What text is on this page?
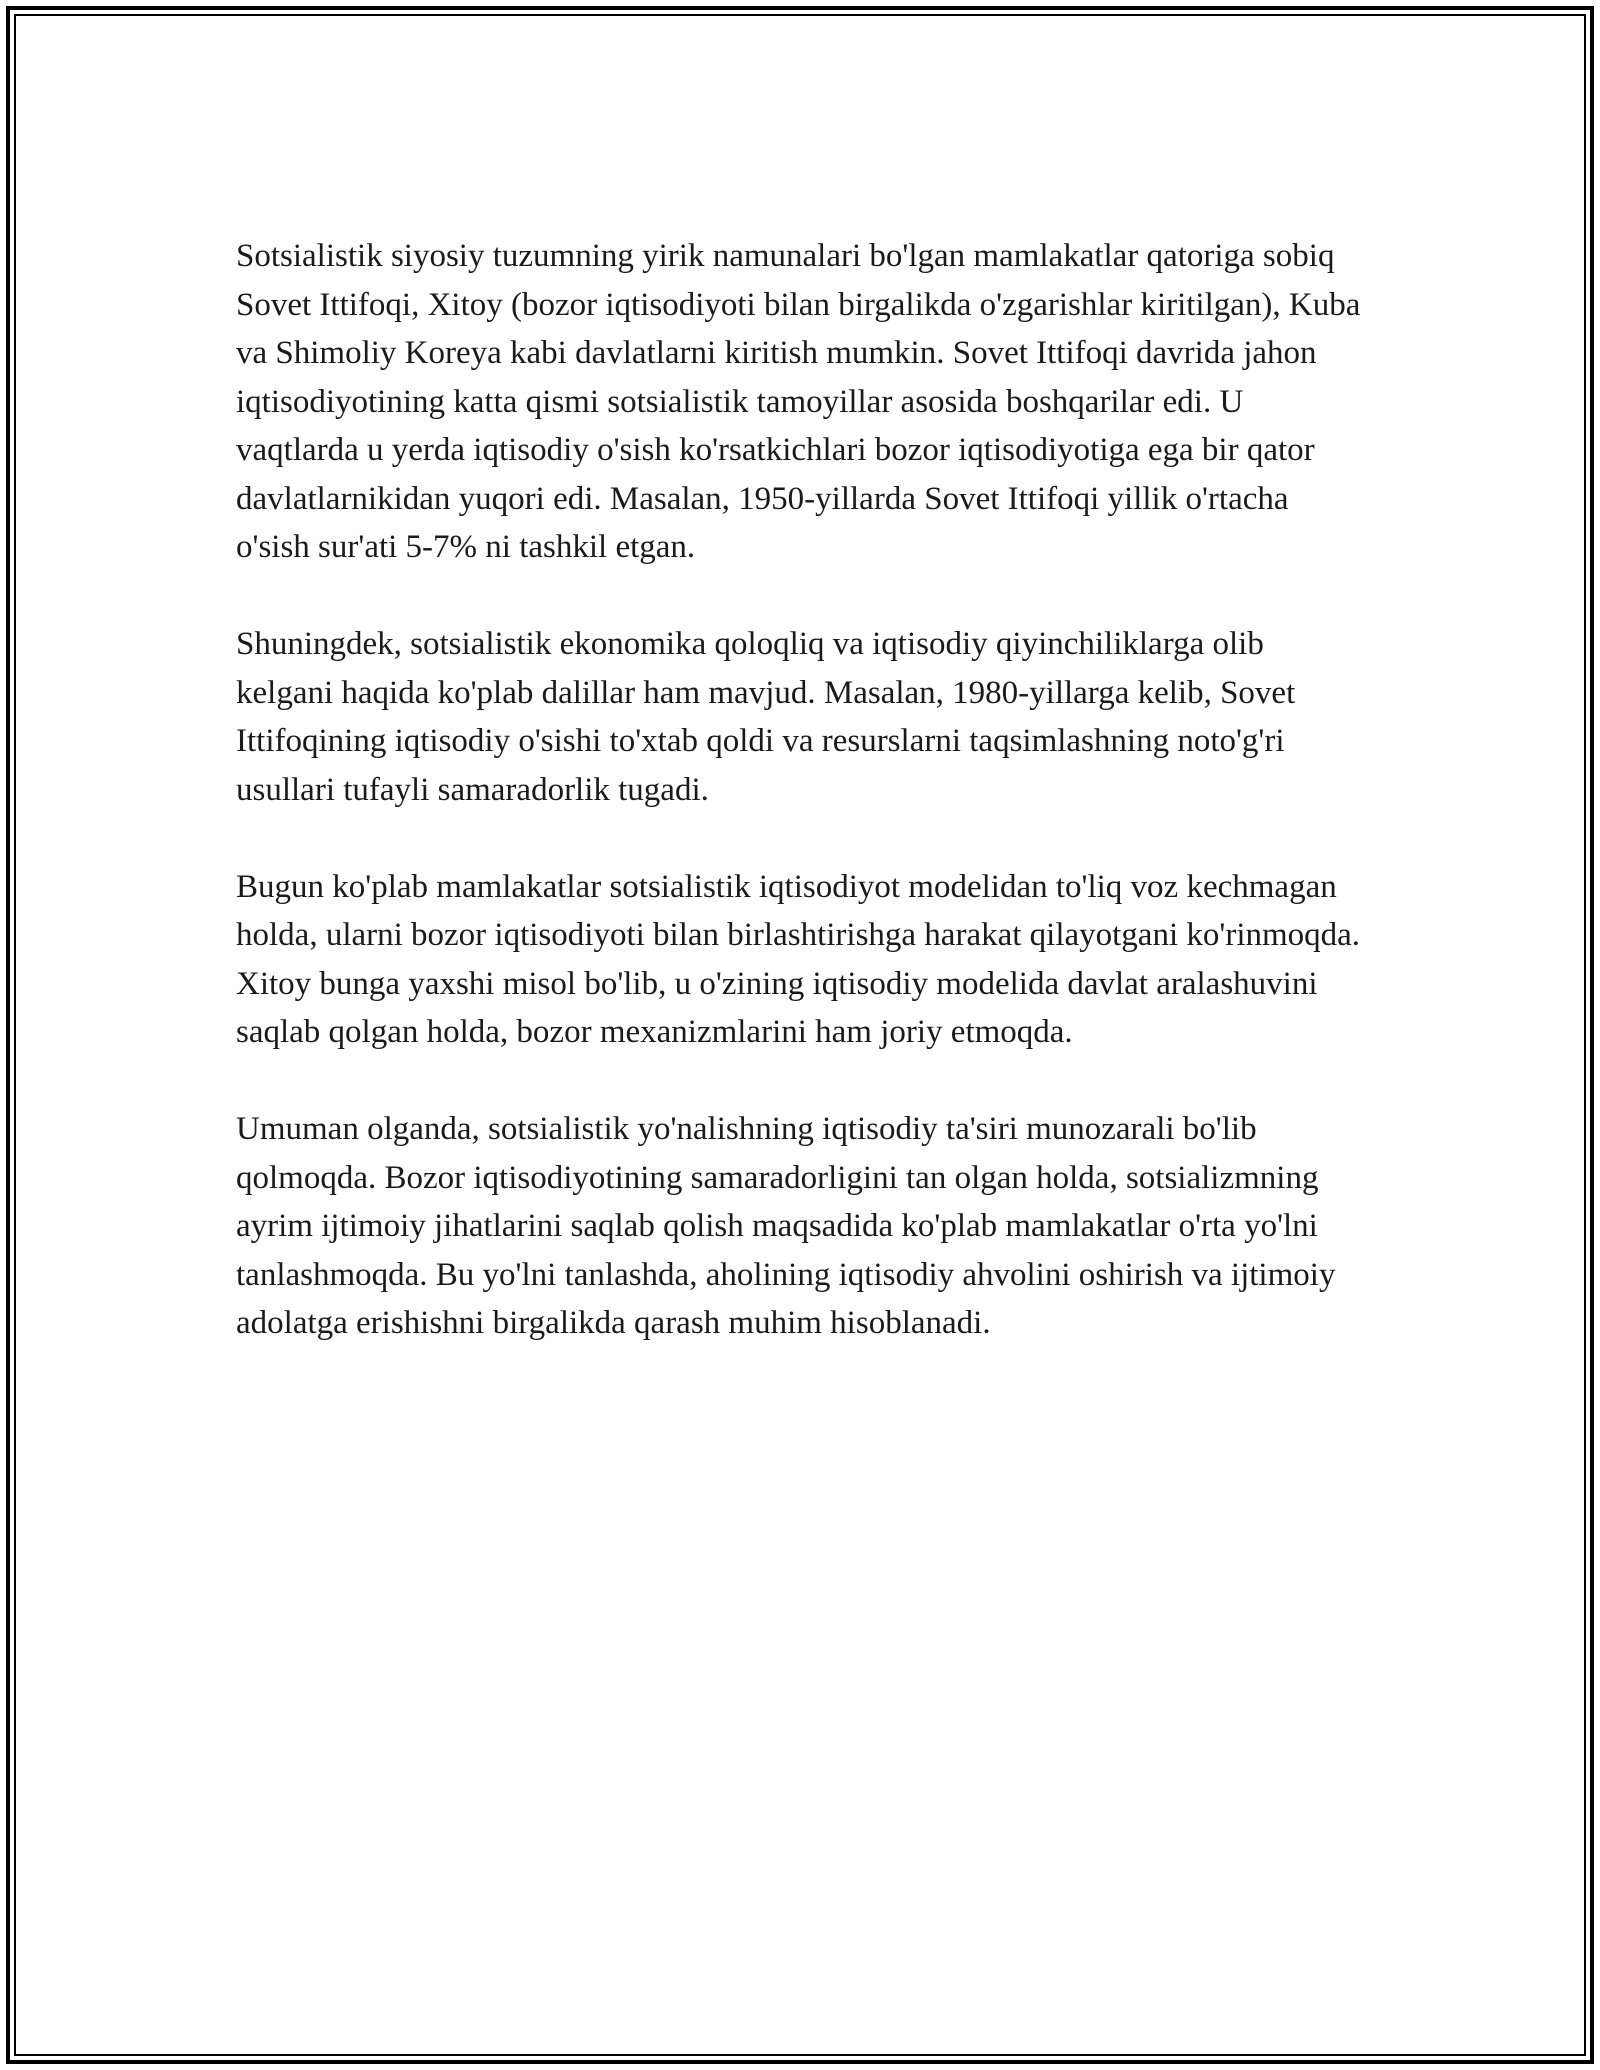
Sotsialistik siyosiy tuzumning yirik namunalari bo'lgan mamlakatlar qatoriga sobiq Sovet Ittifoqi, Xitoy (bozor iqtisodiyoti bilan birgalikda o'zgarishlar kiritilgan), Kuba va Shimoliy Koreya kabi davlatlarni kiritish mumkin. Sovet Ittifoqi davrida jahon iqtisodiyotining katta qismi sotsialistik tamoyillar asosida boshqarilar edi. U vaqtlarda u yerda iqtisodiy o'sish ko'rsatkichlari bozor iqtisodiyotiga ega bir qator davlatlarnikidan yuqori edi. Masalan, 1950-yillarda Sovet Ittifoqi yillik o'rtacha o'sish sur'ati 5-7% ni tashkil etgan.

Shuningdek, sotsialistik ekonomika qoloqliq va iqtisodiy qiyinchiliklarga olib kelgani haqida ko'plab dalillar ham mavjud. Masalan, 1980-yillarga kelib, Sovet Ittifoqining iqtisodiy o'sishi to'xtab qoldi va resurslarni taqsimlashning noto'g'ri usullari tufayli samaradorlik tugadi.

Bugun ko'plab mamlakatlar sotsialistik iqtisodiyot modelidan to'liq voz kechmagan holda, ularni bozor iqtisodiyoti bilan birlashtirishga harakat qilayotgani ko'rinmoqda. Xitoy bunga yaxshi misol bo'lib, u o'zining iqtisodiy modelida davlat aralashuvini saqlab qolgan holda, bozor mexanizmlarini ham joriy etmoqda.

Umuman olganda, sotsialistik yo'nalishning iqtisodiy ta'siri munozarali bo'lib qolmoqda. Bozor iqtisodiyotining samaradorligini tan olgan holda, sotsializmning ayrim ijtimoiy jihatlarini saqlab qolish maqsadida ko'plab mamlakatlar o'rta yo'lni tanlashmoqda. Bu yo'lni tanlashda, aholining iqtisodiy ahvolini oshirish va ijtimoiy adolatga erishishni birgalikda qarash muhim hisoblanadi.
